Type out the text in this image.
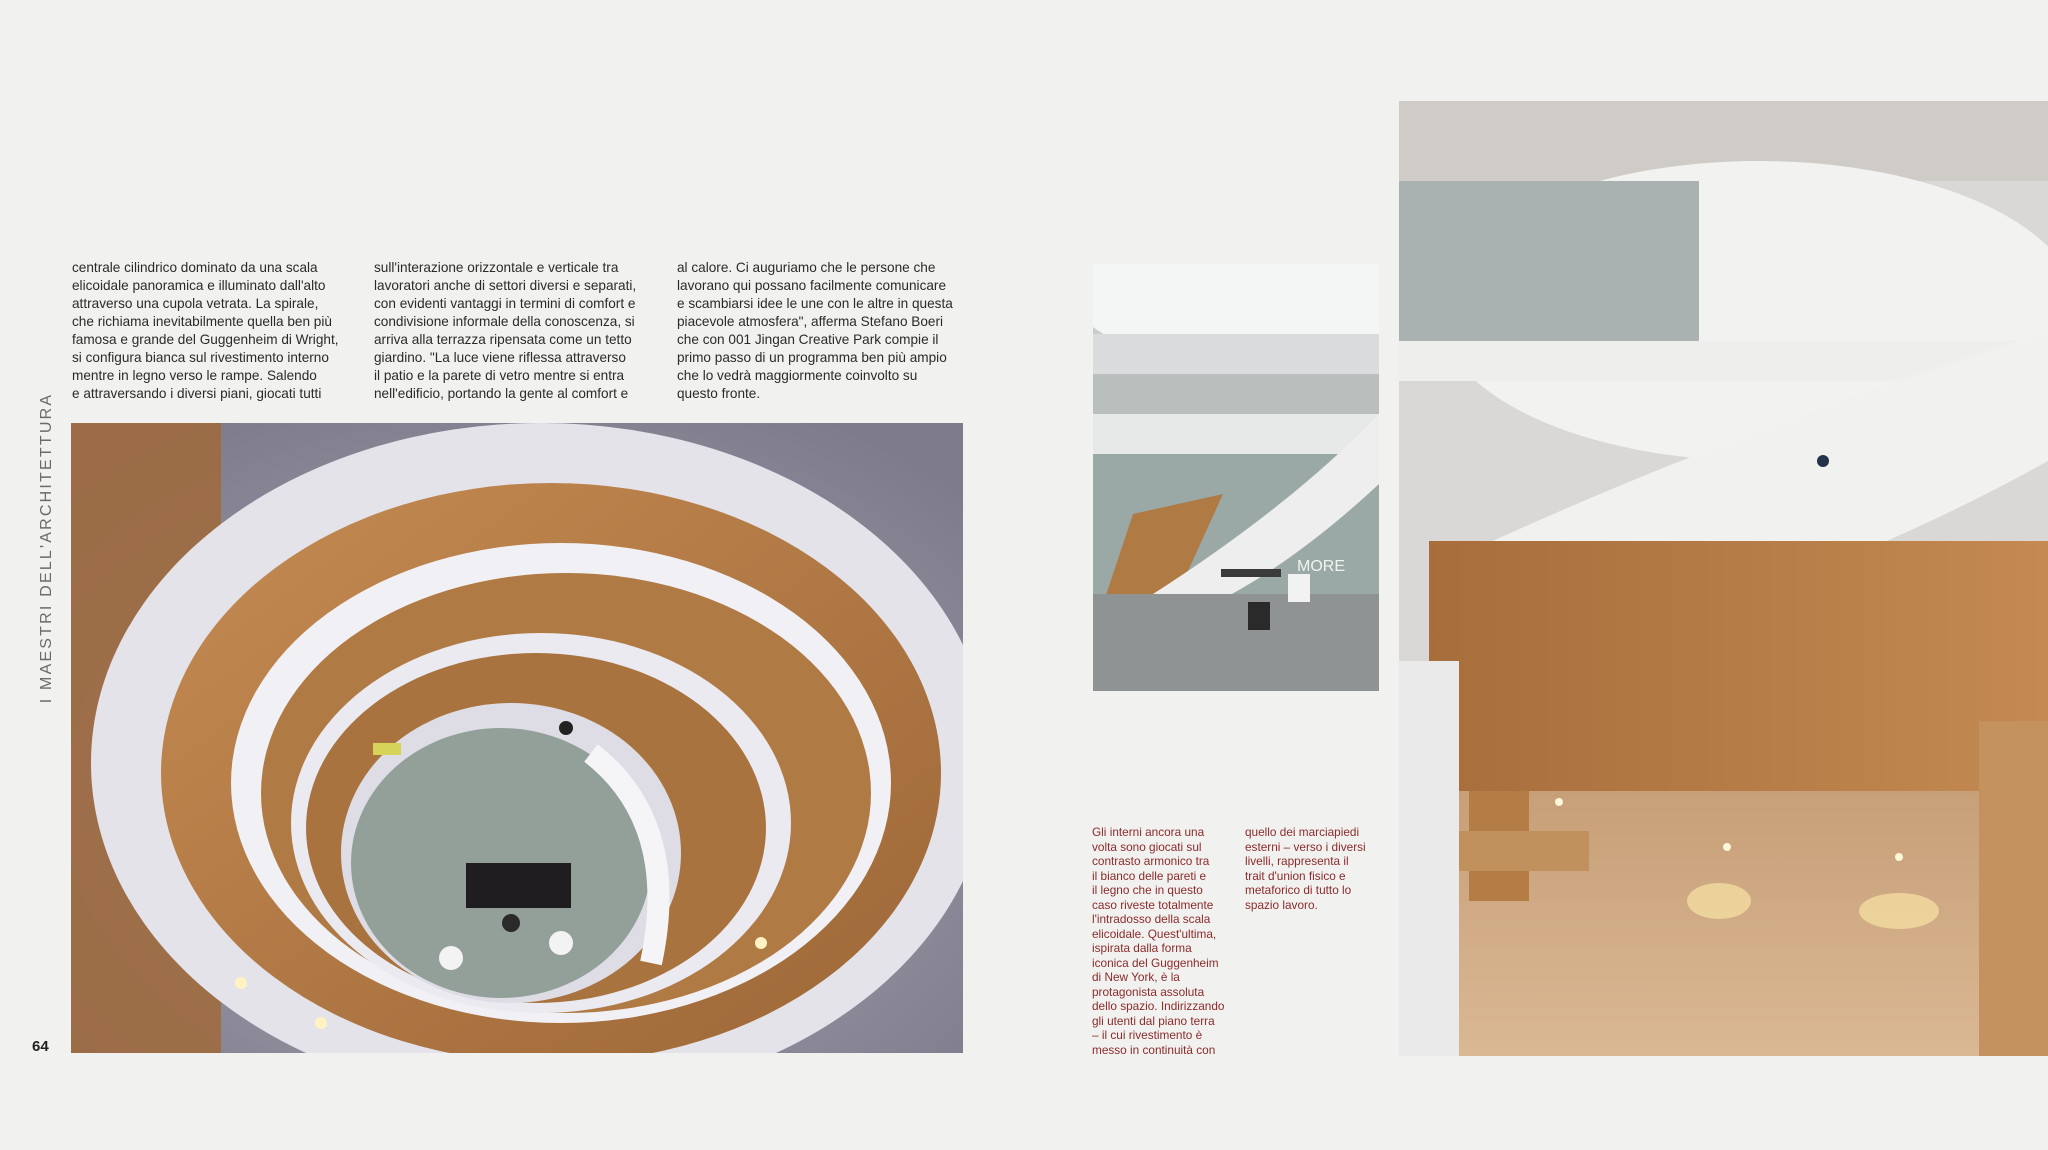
I MAESTRI DELL'ARCHITETTURA
centrale cilindrico dominato da una scala
elicoidale panoramica e illuminato dall'alto
attraverso una cupola vetrata. La spirale,
che richiama inevitabilmente quella ben più
famosa e grande del Guggenheim di Wright,
si configura bianca sul rivestimento interno
mentre in legno verso le rampe. Salendo
e attraversando i diversi piani, giocati tutti
sull'interazione orizzontale e verticale tra
lavoratori anche di settori diversi e separati,
con evidenti vantaggi in termini di comfort e
condivisione informale della conoscenza, si
arriva alla terrazza ripensata come un tetto
giardino. "La luce viene riflessa attraverso
il patio e la parete di vetro mentre si entra
nell'edificio, portando la gente al comfort e
al calore. Ci auguriamo che le persone che
lavorano qui possano facilmente comunicare
e scambiarsi idee le une con le altre in questa
piacevole atmosfera", afferma Stefano Boeri
che con 001 Jingan Creative Park compie il
primo passo di un programma ben più ampio
che lo vedrà maggiormente coinvolto su
questo fronte.
MORE
Gli interni ancora una
volta sono giocati sul
contrasto armonico tra
il bianco delle pareti e
il legno che in questo
caso riveste totalmente
l'intradosso della scala
elicoidale. Quest'ultima,
ispirata dalla forma
iconica del Guggenheim
di New York, è la
protagonista assoluta
dello spazio. Indirizzando
gli utenti dal piano terra
– il cui rivestimento è
messo in continuità con
quello dei marciapiedi
esterni – verso i diversi
livelli, rappresenta il
trait d'union fisico e
metaforico di tutto lo
spazio lavoro.
64
